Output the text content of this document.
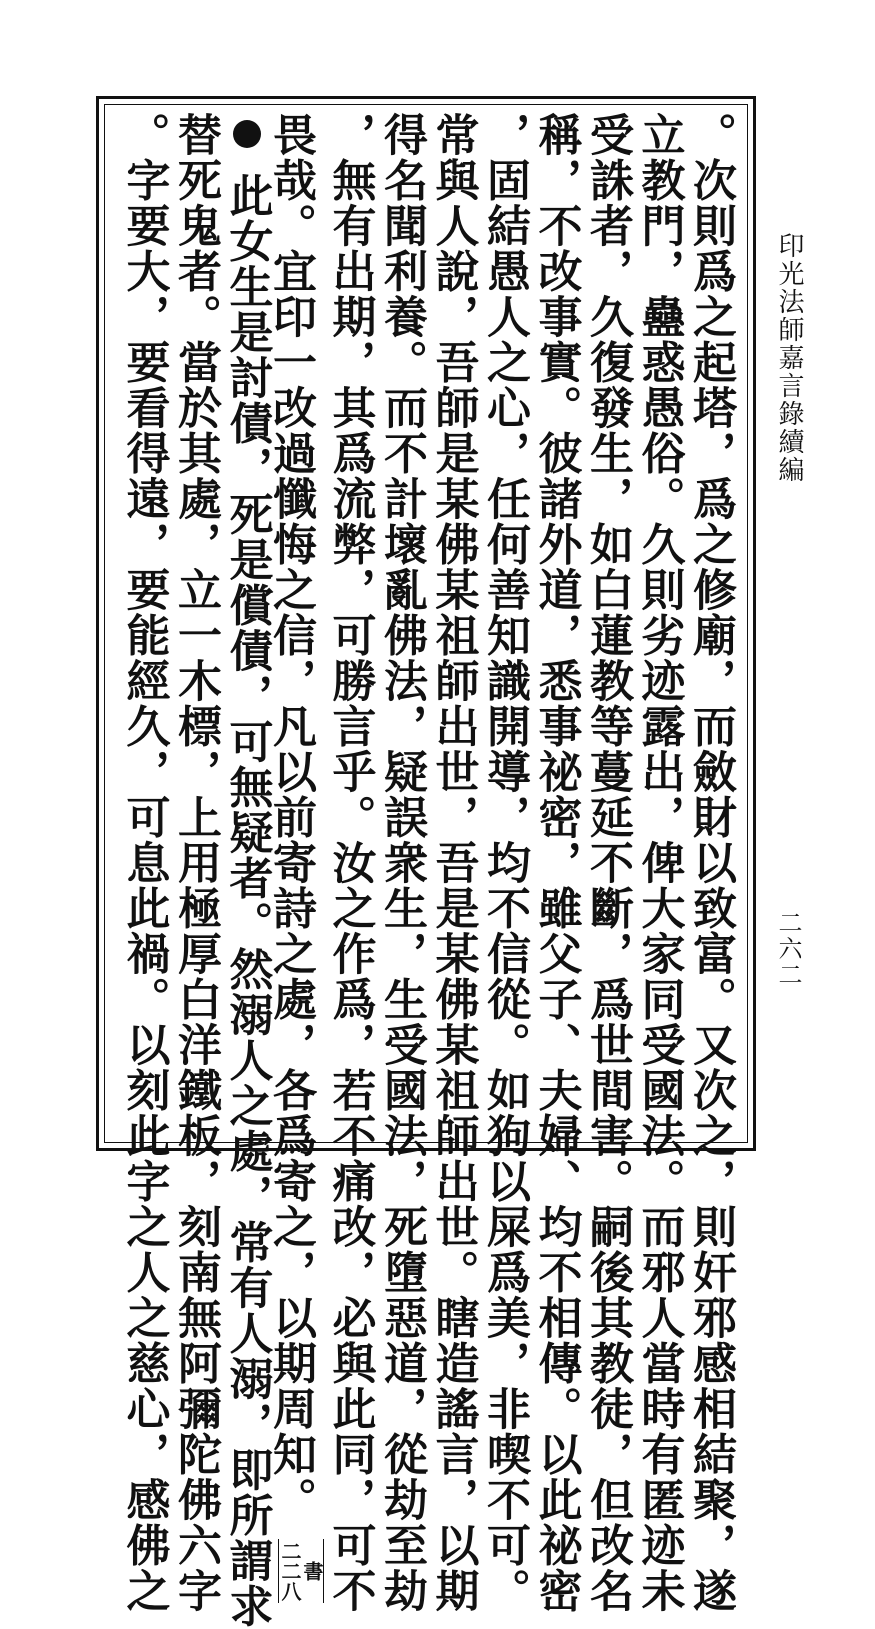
。次則爲之起塔，爲之修廟，而斂財以致富。又次之，則奸邪感相結聚，遂
立教門，蠱惑愚俗。久則劣迹露出，俾大家同受國法。而邪人當時有匿迹未
受誅者，久復發生，如白蓮教等蔓延不斷，爲世間害。嗣後其教徒，但改名
稱，不改事實。彼諸外道，悉事祕密，雖父子、夫婦、均不相傳。以此祕密
，固結愚人之心，任何善知識開導，均不信從。如狗以屎爲美，非喫不可。
常與人說，吾師是某佛某祖師出世，吾是某佛某祖師出世。瞎造謠言，以期
得名聞利養。而不計壞亂佛法，疑誤衆生，生受國法，死墮惡道，從劫至劫
，無有出期，其爲流弊，可勝言乎。汝之作爲，若不痛改，必與此同，可不
畏哉。宜印一改過懺悔之信，凡以前寄詩之處，各爲寄之，以期周知。 書
二二八
此女生是討債，死是償債，可無疑者。然溺人之處，常有人溺，即所謂求
替死鬼者。當於其處，立一木標，上用極厚白洋鐵板，刻南無阿彌陀佛六字
。字要大，要看得遠，要能經久，可息此禍。以刻此字之人之慈心，感佛之	印光法師嘉言錄續編
二六二
